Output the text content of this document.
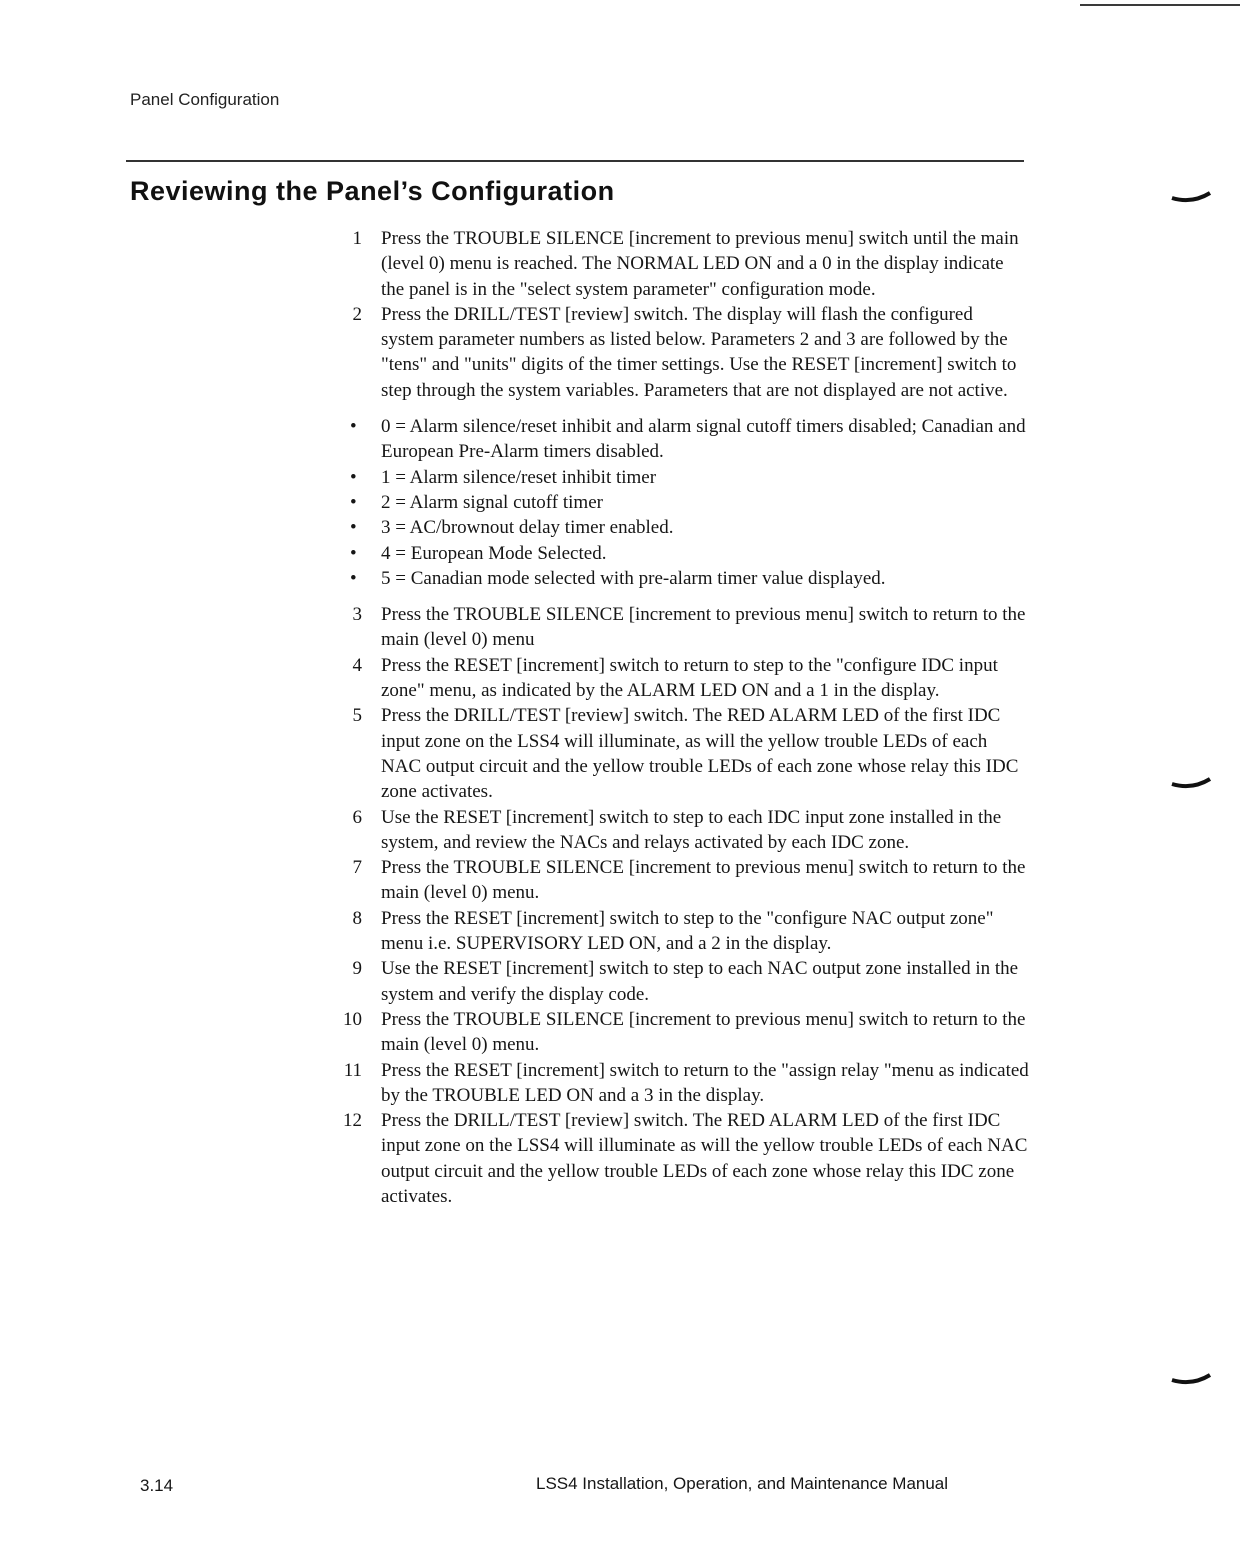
Panel Configuration
Reviewing the Panel’s Configuration
1 Press the TROUBLE SILENCE [increment to previous menu] switch until the main (level 0) menu is reached. The NORMAL LED ON and a 0 in the display indicate the panel is in the "select system parameter" configuration mode.
2 Press the DRILL/TEST [review] switch. The display will flash the configured system parameter numbers as listed below. Parameters 2 and 3 are followed by the "tens" and "units" digits of the timer settings. Use the RESET [increment] switch to step through the system variables. Parameters that are not displayed are not active.
• 0 = Alarm silence/reset inhibit and alarm signal cutoff timers disabled; Canadian and European Pre-Alarm timers disabled.
• 1 = Alarm silence/reset inhibit timer
• 2 = Alarm signal cutoff timer
• 3 = AC/brownout delay timer enabled.
• 4 = European Mode Selected.
• 5 = Canadian mode selected with pre-alarm timer value displayed.
3 Press the TROUBLE SILENCE [increment to previous menu] switch to return to the main (level 0) menu
4 Press the RESET [increment] switch to return to step to the "configure IDC input zone" menu, as indicated by the ALARM LED ON and a 1 in the display.
5 Press the DRILL/TEST [review] switch. The RED ALARM LED of the first IDC input zone on the LSS4 will illuminate, as will the yellow trouble LEDs of each NAC output circuit and the yellow trouble LEDs of each zone whose relay this IDC zone activates.
6 Use the RESET [increment] switch to step to each IDC input zone installed in the system, and review the NACs and relays activated by each IDC zone.
7 Press the TROUBLE SILENCE [increment to previous menu] switch to return to the main (level 0) menu.
8 Press the RESET [increment] switch to step to the "configure NAC output zone" menu i.e. SUPERVISORY LED ON, and a 2 in the display.
9 Use the RESET [increment] switch to step to each NAC output zone installed in the system and verify the display code.
10 Press the TROUBLE SILENCE [increment to previous menu] switch to return to the main (level 0) menu.
11 Press the RESET [increment] switch to return to the "assign relay "menu as indicated by the TROUBLE LED ON and a 3 in the display.
12 Press the DRILL/TEST [review] switch. The RED ALARM LED of the first IDC input zone on the LSS4 will illuminate as will the yellow trouble LEDs of each NAC output circuit and the yellow trouble LEDs of each zone whose relay this IDC zone activates.
3.14	LSS4 Installation, Operation, and Maintenance Manual
